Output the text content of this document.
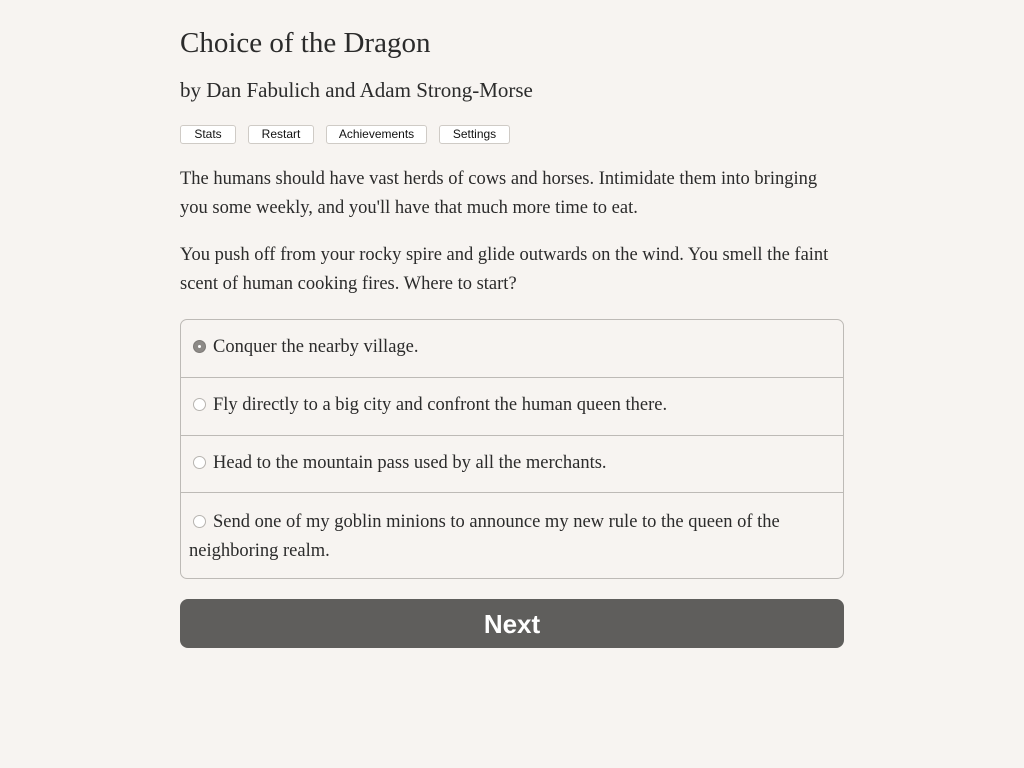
Choice of the Dragon
by Dan Fabulich and Adam Strong-Morse
Stats	Restart	Achievements	Settings

The humans should have vast herds of cows and horses. Intimidate them into bringing you some weekly, and you'll have that much more time to eat.

You push off from your rocky spire and glide outwards on the wind. You smell the faint scent of human cooking fires. Where to start?

Conquer the nearby village.
Fly directly to a big city and confront the human queen there.
Head to the mountain pass used by all the merchants.
Send one of my goblin minions to announce my new rule to the queen of the neighboring realm.
Next
